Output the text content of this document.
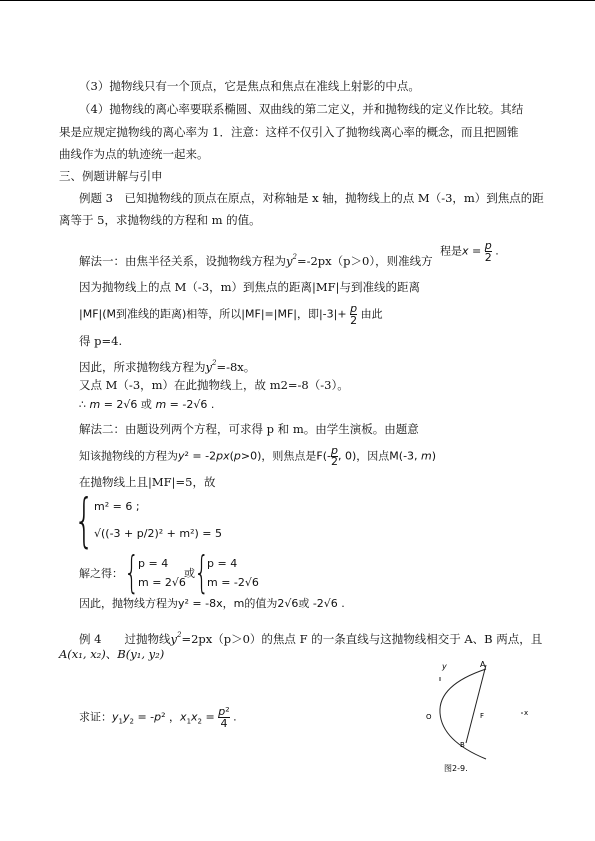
（3）抛物线只有一个顶点，它是焦点和焦点在准线上射影的中点。
（4）抛物线的离心率要联系椭圆、双曲线的第二定义，并和抛物线的定义作比较。其结
果是应规定抛物线的离心率为 1．注意：这样不仅引入了抛物线离心率的概念，而且把圆锥
曲线作为点的轨迹统一起来。
三、例题讲解与引申
例题 3　已知抛物线的顶点在原点，对称轴是 x 轴，抛物线上的点 M（-3，m）到焦点的距
离等于 5，求抛物线的方程和 m 的值。
解法一：由焦半径关系，设抛物线方程为$y^2=-2px(p>0)$，则准线方
程是$x = \frac{p}{2}$ .
因为抛物线上的点 M（-3，m）到焦点的距离|MF|与到准线的距离
|MF|(M到准线的距离)相等，所以|MF|=|MF|，即$|-3|+ \frac{p}{2}$ 由此
得 p=4.
因此，所求抛物线方程为$y^2=-8x$。
又点 M（-3，m）在此抛物线上，故 m2=-8（-3）。
∴ m = 2√6 或 m = -2√6 .
解法二：由题设列两个方程，可求得 p 和 m。由学生演板。由题意
知该抛物线的方程为y² = -2px(p>0)，则焦点是$F(- \frac{p}{2}$ , 0)，因点M(-3, m)
在抛物线上且|MF|=5，故
{ m² = 6 ;
√((-3 + p/2)² + m²) = 5
解之得： {
p = 4
m = 2√6
或 {
p = 4
m = -2√6
因此，抛物线方程为y² = -8x，m的值为2√6或 -2√6 .
例 4　　过抛物线$y^2=2px(p>0)$的焦点 F 的一条直线与这抛物线相交于 A、B 两点，且
A(x₁, x₂)、B(y₁, y₂)
求证：$y_1y_2 = -p^2$ ，$x_1x_2 = \frac{\text{p²}}{4}$ .
y	A
F	x
O
B
图2-9.
